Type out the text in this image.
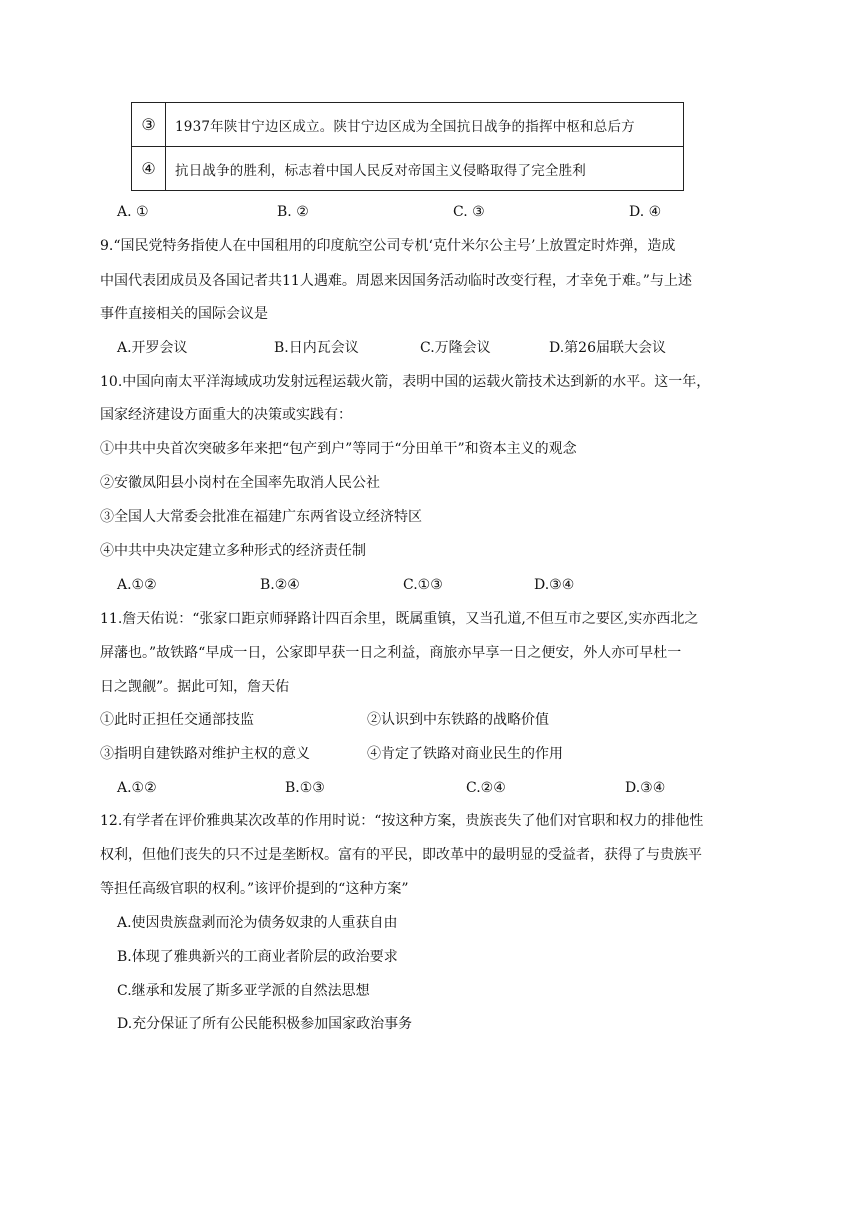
③	1937年陕甘宁边区成立。陕甘宁边区成为全国抗日战争的指挥中枢和总后方
④	抗日战争的胜利，标志着中国人民反对帝国主义侵略取得了完全胜利
A. ①	B. ②	C. ③	D. ④
9.“国民党特务指使人在中国租用的印度航空公司专机‘克什米尔公主号’上放置定时炸弹，造成
中国代表团成员及各国记者共11人遇难。周恩来因国务活动临时改变行程，才幸免于难。”与上述
事件直接相关的国际会议是
A.开罗会议	B.日内瓦会议	C.万隆会议	D.第26届联大会议
10.中国向南太平洋海域成功发射远程运载火箭，表明中国的运载火箭技术达到新的水平。这一年，
国家经济建设方面重大的决策或实践有：
①中共中央首次突破多年来把“包产到户”等同于“分田单干”和资本主义的观念
②安徽凤阳县小岗村在全国率先取消人民公社
③全国人大常委会批准在福建广东两省设立经济特区
④中共中央决定建立多种形式的经济责任制
A.①②	B.②④	C.①③	D.③④
11.詹天佑说：“张家口距京师驿路计四百余里，既属重镇，又当孔道,不但互市之要区,实亦西北之
屏藩也。”故铁路“早成一日，公家即早获一日之利益，商旅亦早享一日之便安，外人亦可早杜一
日之觊觎”。据此可知，詹天佑
①此时正担任交通部技监	②认识到中东铁路的战略价值
③指明自建铁路对维护主权的意义	④肯定了铁路对商业民生的作用
A.①②	B.①③	C.②④	D.③④
12.有学者在评价雅典某次改革的作用时说：“按这种方案，贵族丧失了他们对官职和权力的排他性
权利，但他们丧失的只不过是垄断权。富有的平民，即改革中的最明显的受益者，获得了与贵族平
等担任高级官职的权利。”该评价提到的“这种方案”
A.使因贵族盘剥而沦为债务奴隶的人重获自由
B.体现了雅典新兴的工商业者阶层的政治要求
C.继承和发展了斯多亚学派的自然法思想
D.充分保证了所有公民能积极参加国家政治事务
